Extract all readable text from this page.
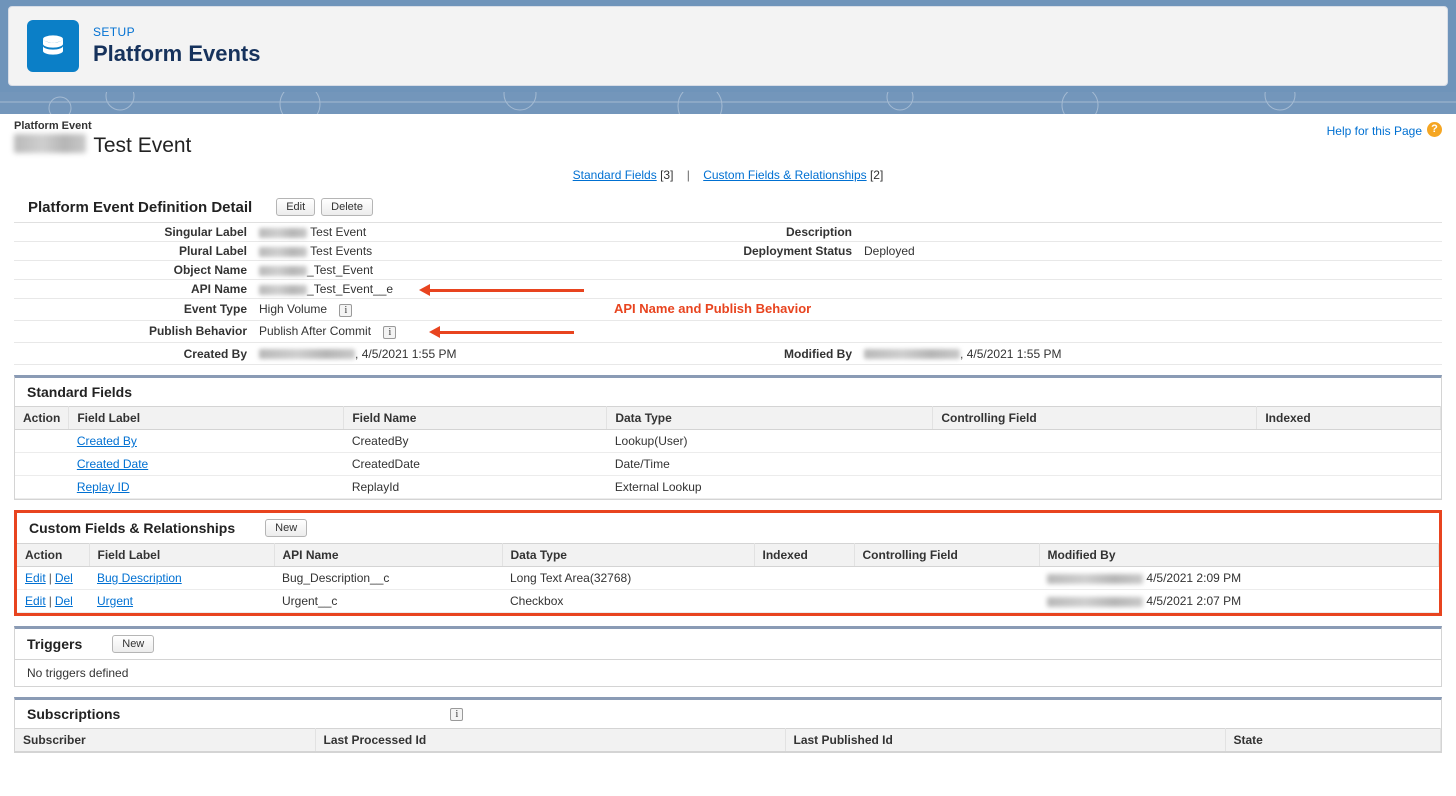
SETUP
Platform Events
Platform Event
Test Event
Help for this Page ?
Standard Fields [3] | Custom Fields & Relationships [2]
Platform Event Definition Detail	Edit	Delete
Singular Label	Test Event	Description
Plural Label	Test Events	Deployment Status	Deployed
Object Name	_Test_Event
API Name	_Test_Event__e
Event Type	High Volume i	API Name and Publish Behavior
Publish Behavior	Publish After Commit i
Created By	, 4/5/2021 1:55 PM	Modified By	, 4/5/2021 1:55 PM
Standard Fields
Action	Field Label	Field Name	Data Type	Controlling Field	Indexed
	Created By	CreatedBy	Lookup(User)		
	Created Date	CreatedDate	Date/Time		
	Replay ID	ReplayId	External Lookup		
Custom Fields & Relationships	New
Action	Field Label	API Name	Data Type	Indexed	Controlling Field	Modified By
Edit | Del	Bug Description	Bug_Description__c	Long Text Area(32768)			4/5/2021 2:09 PM
Edit | Del	Urgent	Urgent__c	Checkbox			4/5/2021 2:07 PM
Triggers	New
No triggers defined
Subscriptions	i
Subscriber	Last Processed Id	Last Published Id	State
